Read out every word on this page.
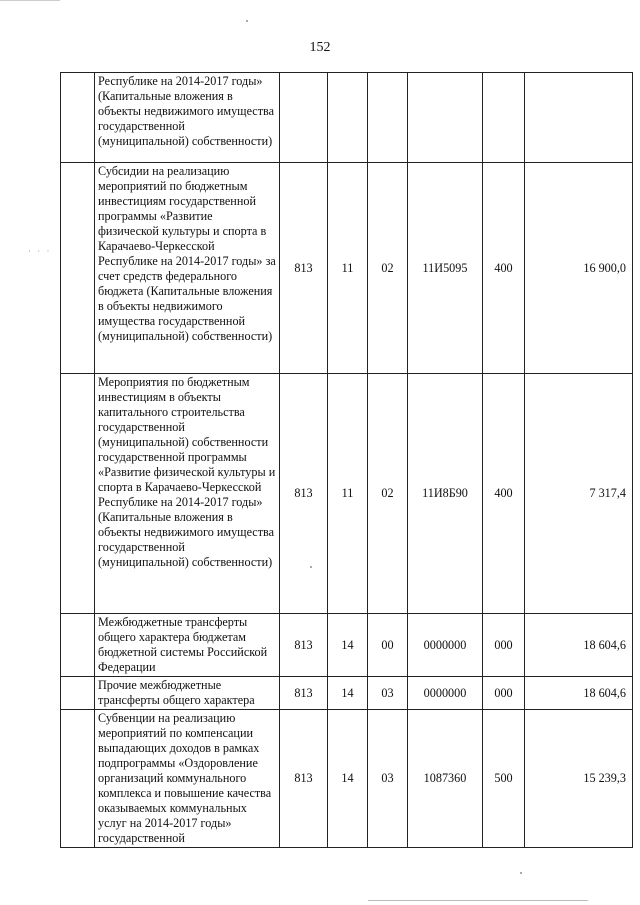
152
· · ·
	Республике на 2014-2017 годы» (Капитальные вложения в объекты недвижимого имущества государственной (муниципальной) собственности)						
	Субсидии на реализацию мероприятий по бюджетным инвестициям государственной программы «Развитие физической культуры и спорта в Карачаево-Черкесской Республике на 2014-2017 годы» за счет средств федерального бюджета (Капитальные вложения в объекты недвижимого имущества государственной (муниципальной) собственности)	813	11	02	11И5095	400	16 900,0
	Мероприятия по бюджетным инвестициям в объекты капитального строительства государственной (муниципальной) собственности государственной программы «Развитие физической культуры и спорта в Карачаево-Черкесской Республике на 2014-2017 годы» (Капитальные вложения в объекты недвижимого имущества государственной (муниципальной) собственности)	813	11	02	11И8Б90	400	7 317,4
	Межбюджетные трансферты общего характера бюджетам бюджетной системы Российской Федерации	813	14	00	0000000	000	18 604,6
	Прочие межбюджетные трансферты общего характера	813	14	03	0000000	000	18 604,6
	Субвенции на реализацию мероприятий по компенсации выпадающих доходов в рамках подпрограммы «Оздоровление организаций коммунального комплекса и повышение качества оказываемых коммунальных услуг на 2014-2017 годы» государственной	813	14	03	1087360	500	15 239,3
